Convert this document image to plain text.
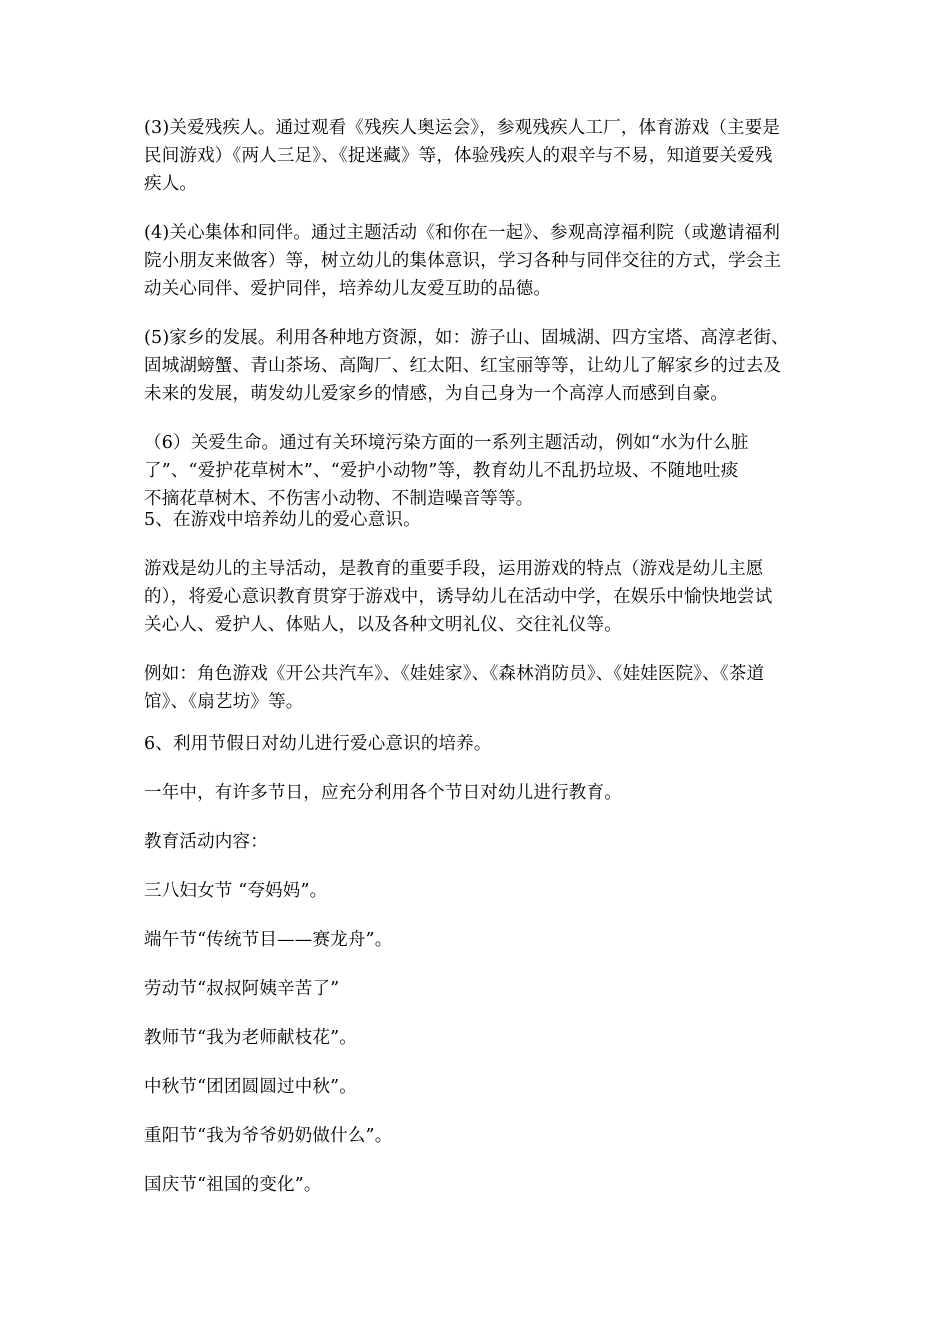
(3)关爱残疾人。通过观看《残疾人奥运会》，参观残疾人工厂，体育游戏（主要是
民间游戏）《两人三足》、《捉迷藏》等，体验残疾人的艰辛与不易，知道要关爱残
疾人。

(4)关心集体和同伴。通过主题活动《和你在一起》、参观高淳福利院（或邀请福利
院小朋友来做客）等，树立幼儿的集体意识，学习各种与同伴交往的方式，学会主
动关心同伴、爱护同伴，培养幼儿友爱互助的品德。

(5)家乡的发展。利用各种地方资源，如：游子山、固城湖、四方宝塔、高淳老街、
固城湖螃蟹、青山茶场、高陶厂、红太阳、红宝丽等等，让幼儿了解家乡的过去及
未来的发展，萌发幼儿爱家乡的情感，为自己身为一个高淳人而感到自豪。

（6）关爱生命。通过有关环境污染方面的一系列主题活动，例如“水为什么脏
了”、“爱护花草树木”、“爱护小动物”等，教育幼儿不乱扔垃圾、不随地吐痰
不摘花草树木、不伤害小动物、不制造噪音等等。

5、在游戏中培养幼儿的爱心意识。

游戏是幼儿的主导活动，是教育的重要手段，运用游戏的特点（游戏是幼儿主愿
的），将爱心意识教育贯穿于游戏中，诱导幼儿在活动中学，在娱乐中愉快地尝试
关心人、爱护人、体贴人，以及各种文明礼仪、交往礼仪等。

例如：角色游戏《开公共汽车》、《娃娃家》、《森林消防员》、《娃娃医院》、《茶道
馆》、《扇艺坊》等。

6、利用节假日对幼儿进行爱心意识的培养。

一年中，有许多节日，应充分利用各个节日对幼儿进行教育。

教育活动内容：

三八妇女节 “夸妈妈”。

端午节“传统节目——赛龙舟”。

劳动节“叔叔阿姨辛苦了”

教师节“我为老师献枝花”。

中秋节“团团圆圆过中秋”。

重阳节“我为爷爷奶奶做什么”。

国庆节“祖国的变化”。
